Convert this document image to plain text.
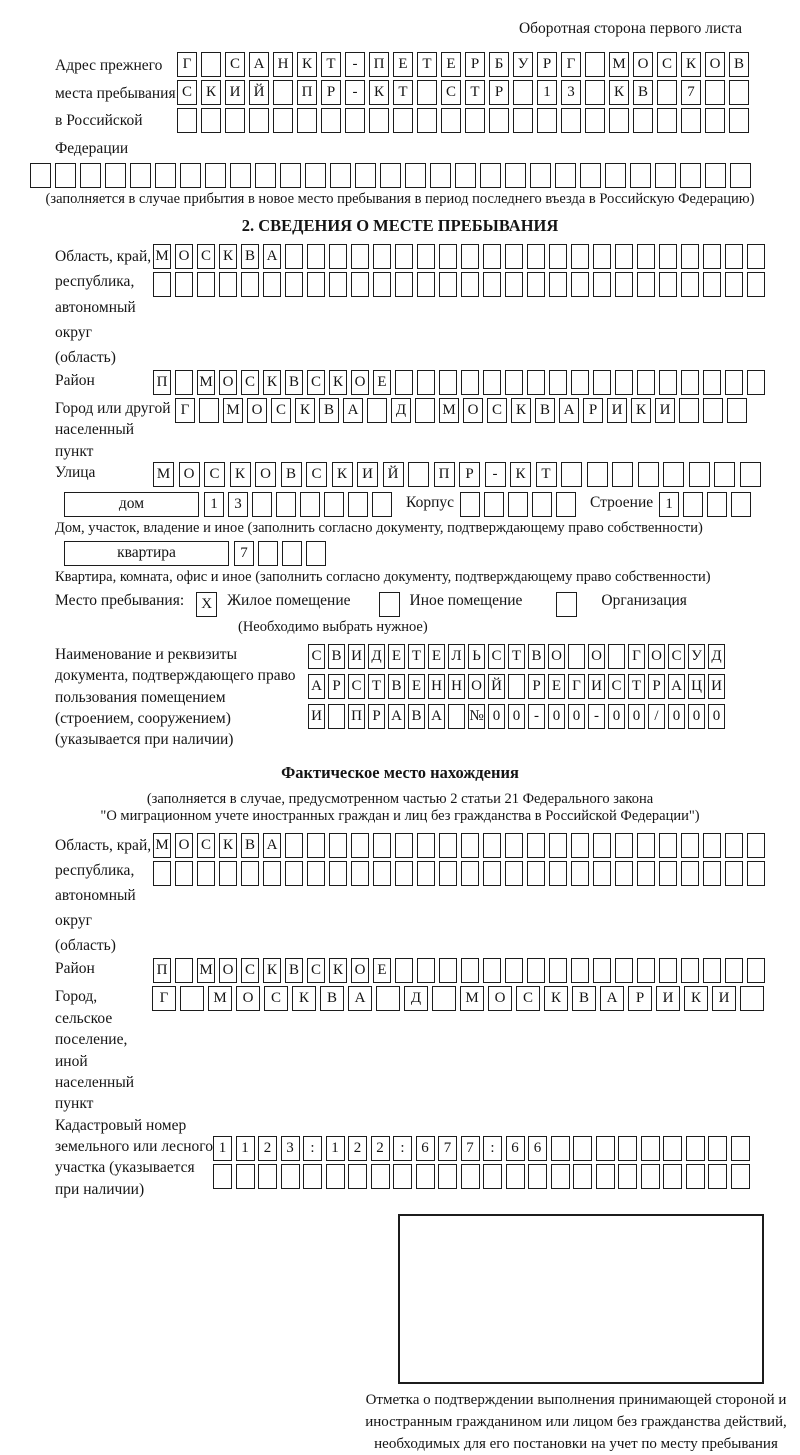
Оборотная сторона первого листа
Адрес прежнего места пребывания в Российской Федерации
Г	С А Н К Т	-	П Е Т Е	Р	Б У Р	Г	М О С К О В
С К И Й	П Р	-	К Т	С Т	Р	1	3	К В	7
(заполняется в случае прибытия в новое место пребывания в период последнего въезда в Российскую Федерацию)
2. СВЕДЕНИЯ О МЕСТЕ ПРЕБЫВАНИЯ
Область, край, республика, автономный округ (область)
М О С К В А
Район	П М О С К В С К О Е
Город или другой населенный пункт
Г	М О С К В А	Д	М О С К В А Р И К И
Улица	М О	С	К	О	В	С	К	И Й	П	Р	-	К	Т
дом	1	3	Корпус	Строение 1
Дом, участок, владение и иное (заполнить согласно документу, подтверждающему право собственности)
квартира	7
Квартира, комната, офис и иное (заполнить согласно документу, подтверждающему право собственности)
Место пребывания:	X Жилое помещение	Иное помещение	Организация
(Необходимо выбрать нужное)
Наименование и реквизиты документа, подтверждающего право пользования помещением (строением, сооружением) (указывается при наличии)
С В И Д Е Т Е Л Ь С Т В О О Г О С У Д
А Р С Т В Е Н Н О Й Р Е Г И С Т Р А Ц И
И П Р А В А № 0 0 - 0 0 - 0 0 / 0 0 0
Фактическое место нахождения
(заполняется в случае, предусмотренном частью 2 статьи 21 Федерального закона
"О миграционном учете иностранных граждан и лиц без гражданства в Российской Федерации")
Область, край, республика, автономный округ (область)
М О С К В А
Район	П М О С К В С К О Е
Город, сельское поселение, иной населенный пункт
Г	М	О	С	К	В	А	Д	М	О	С	К	В	А	Р	И	К	И
Кадастровый номер земельного или лесного участка (указывается при наличии)
1	1	2	3	:	1	2	2	:	6	7	7	:	6	6
Отметка о подтверждении выполнения принимающей стороной и иностранным гражданином или лицом без гражданства действий, необходимых для его постановки на учет по месту пребывания
